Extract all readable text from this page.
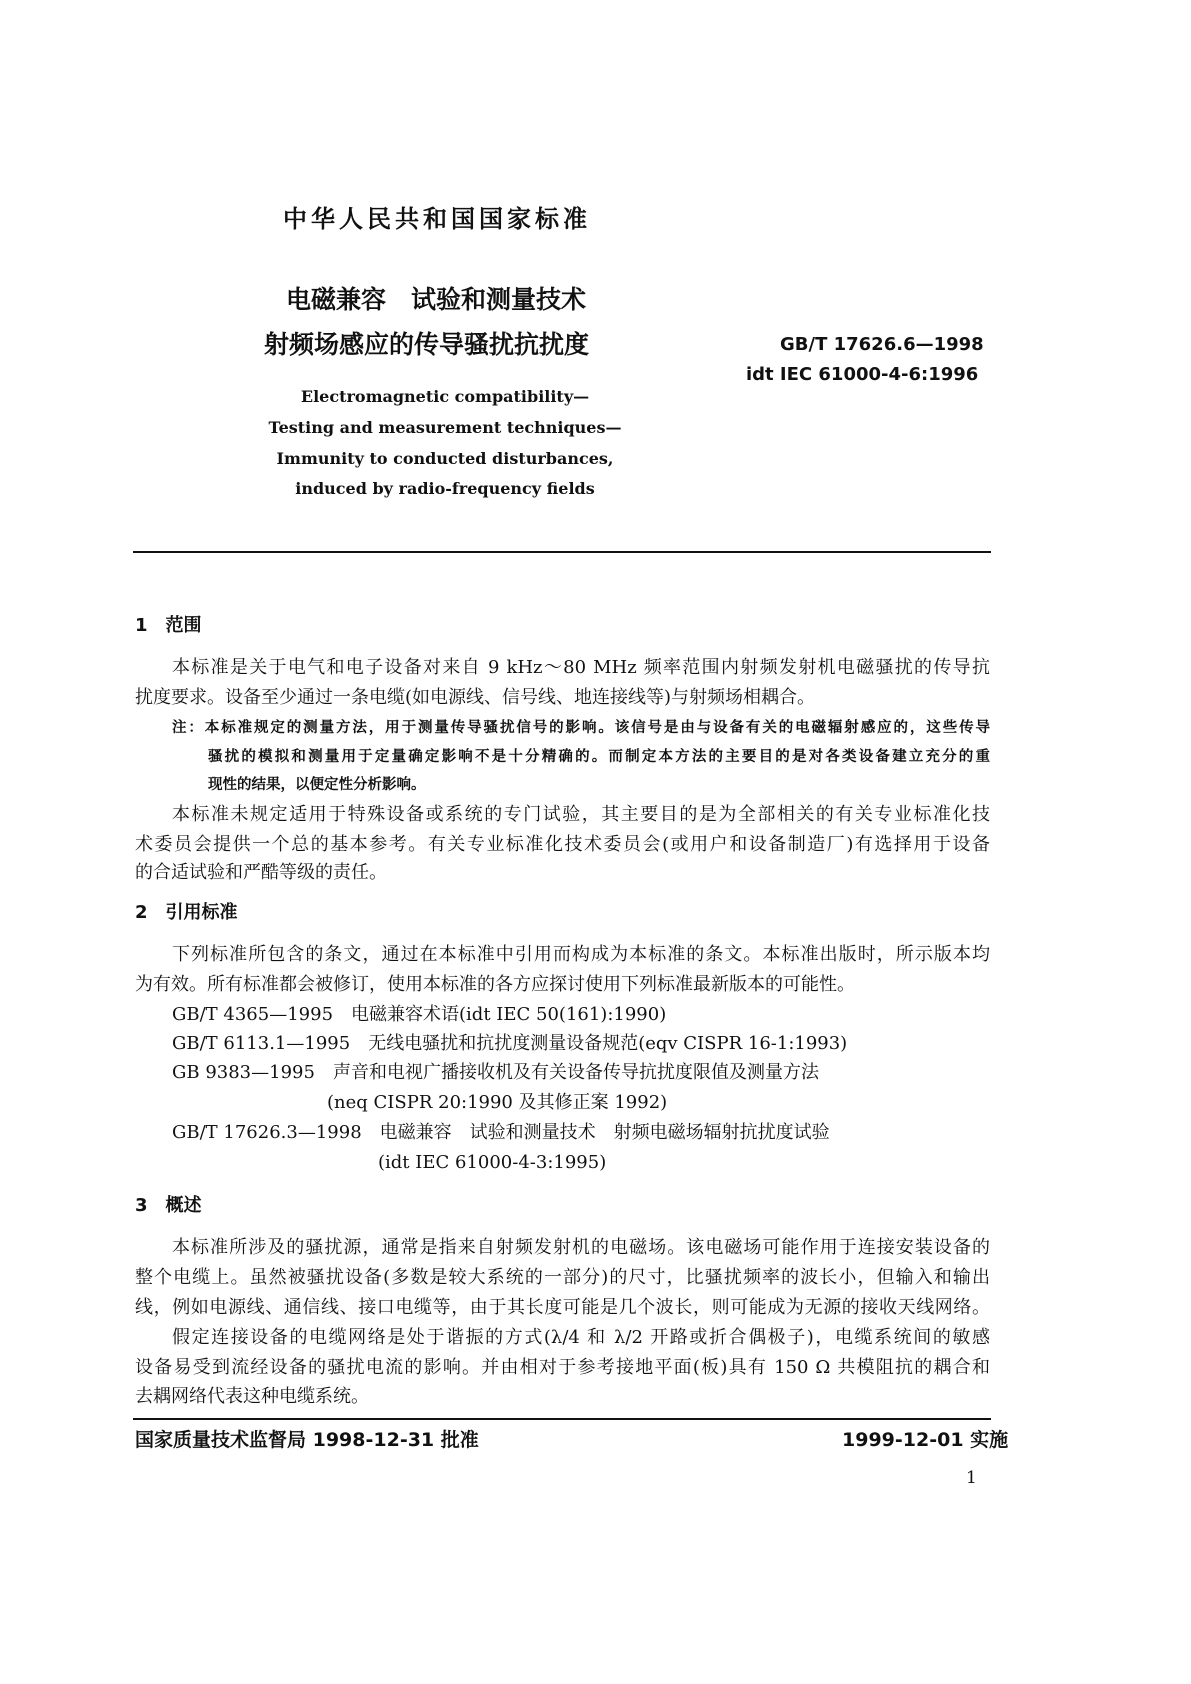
中华人民共和国国家标准
电磁兼容　试验和测量技术
射频场感应的传导骚扰抗扰度	GB/T 17626.6—1998
idt IEC 61000-4-6:1996
Electromagnetic compatibility—
Testing and measurement techniques—
Immunity to conducted disturbances,
induced by radio-frequency fields
1　范围
本标准是关于电气和电子设备对来自 9 kHz～80 MHz 频率范围内射频发射机电磁骚扰的传导抗
扰度要求。设备至少通过一条电缆(如电源线、信号线、地连接线等)与射频场相耦合。
注：本标准规定的测量方法，用于测量传导骚扰信号的影响。该信号是由与设备有关的电磁辐射感应的，这些传导
骚扰的模拟和测量用于定量确定影响不是十分精确的。而制定本方法的主要目的是对各类设备建立充分的重
现性的结果，以便定性分析影响。
本标准未规定适用于特殊设备或系统的专门试验，其主要目的是为全部相关的有关专业标准化技
术委员会提供一个总的基本参考。有关专业标准化技术委员会(或用户和设备制造厂)有选择用于设备
的合适试验和严酷等级的责任。
2　引用标准
下列标准所包含的条文，通过在本标准中引用而构成为本标准的条文。本标准出版时，所示版本均
为有效。所有标准都会被修订，使用本标准的各方应探讨使用下列标准最新版本的可能性。
GB/T 4365—1995　电磁兼容术语(idt IEC 50(161):1990)
GB/T 6113.1—1995　无线电骚扰和抗扰度测量设备规范(eqv CISPR 16-1:1993)
GB 9383—1995　声音和电视广播接收机及有关设备传导抗扰度限值及测量方法
(neq CISPR 20:1990 及其修正案 1992)
GB/T 17626.3—1998　电磁兼容　试验和测量技术　射频电磁场辐射抗扰度试验
(idt IEC 61000-4-3:1995)
3　概述
本标准所涉及的骚扰源，通常是指来自射频发射机的电磁场。该电磁场可能作用于连接安装设备的
整个电缆上。虽然被骚扰设备(多数是较大系统的一部分)的尺寸，比骚扰频率的波长小，但输入和输出
线，例如电源线、通信线、接口电缆等，由于其长度可能是几个波长，则可能成为无源的接收天线网络。
假定连接设备的电缆网络是处于谐振的方式(λ/4 和 λ/2 开路或折合偶极子)，电缆系统间的敏感
设备易受到流经设备的骚扰电流的影响。并由相对于参考接地平面(板)具有 150 Ω 共模阻抗的耦合和
去耦网络代表这种电缆系统。
国家质量技术监督局 1998-12-31 批准	1999-12-01 实施
1
